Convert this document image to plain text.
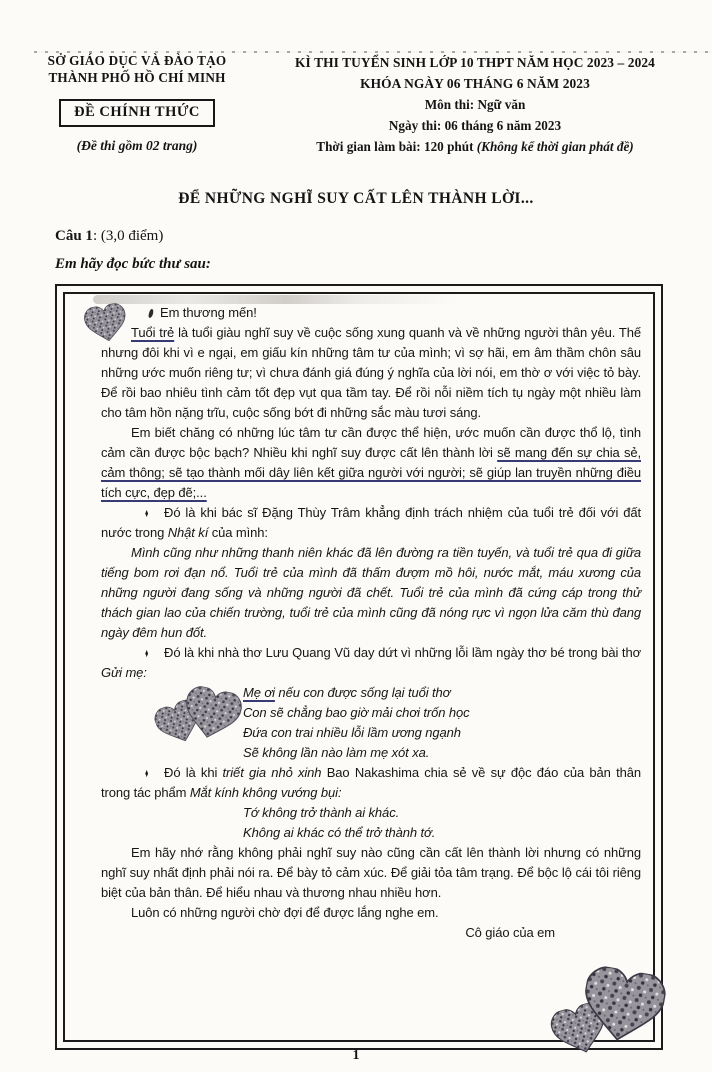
SỞ GIÁO DỤC VÀ ĐÀO TẠO
THÀNH PHỐ HỒ CHÍ MINH
ĐỀ CHÍNH THỨC
(Đề thi gồm 02 trang)
KÌ THI TUYỂN SINH LỚP 10 THPT NĂM HỌC 2023 – 2024
KHÓA NGÀY 06 THÁNG 6 NĂM 2023
Môn thi: Ngữ văn
Ngày thi: 06 tháng 6 năm 2023
Thời gian làm bài: 120 phút (Không kể thời gian phát đề)
ĐỂ NHỮNG NGHĨ SUY CẤT LÊN THÀNH LỜI...
Câu 1: (3,0 điểm)
Em hãy đọc bức thư sau:
Em thương mến!

Tuổi trẻ là tuổi giàu nghĩ suy về cuộc sống xung quanh và về những người thân yêu. Thế nhưng đôi khi vì e ngại, em giấu kín những tâm tư của mình; vì sợ hãi, em âm thầm chôn sâu những ước muốn riêng tư; vì chưa đánh giá đúng ý nghĩa của lời nói, em thờ ơ với việc tỏ bày. Để rồi bao nhiêu tình cảm tốt đẹp vụt qua tầm tay. Để rồi nỗi niềm tích tụ ngày một nhiều làm cho tâm hồn nặng trĩu, cuộc sống bớt đi những sắc màu tươi sáng.

Em biết chăng có những lúc tâm tư cần được thể hiện, ước muốn cần được thổ lộ, tình cảm cần được bộc bạch? Nhiều khi nghĩ suy được cất lên thành lời sẽ mang đến sự chia sẻ, cảm thông; sẽ tạo thành mối dây liên kết giữa người với người; sẽ giúp lan truyền những điều tích cực, đẹp đẽ;...

♦ Đó là khi bác sĩ Đặng Thùy Trâm khẳng định trách nhiệm của tuổi trẻ đối với đất nước trong Nhật kí của mình:

Mình cũng như những thanh niên khác đã lên đường ra tiền tuyến, và tuổi trẻ qua đi giữa tiếng bom rơi đạn nổ. Tuổi trẻ của mình đã thấm đượm mồ hôi, nước mắt, máu xương của những người đang sống và những người đã chết. Tuổi trẻ của mình đã cứng cáp trong thử thách gian lao của chiến trường, tuổi trẻ của mình cũng đã nóng rực vì ngọn lửa căm thù đang ngày đêm hun đốt.

♦ Đó là khi nhà thơ Lưu Quang Vũ day dứt vì những lỗi lầm ngày thơ bé trong bài thơ Gửi mẹ:

Mẹ ơi nếu con được sống lại tuổi thơ
Con sẽ chẳng bao giờ mải chơi trốn học
Đứa con trai nhiều lỗi lầm ương ngạnh
Sẽ không lần nào làm mẹ xót xa.

♦ Đó là khi triết gia nhỏ xinh Bao Nakashima chia sẻ về sự độc đáo của bản thân trong tác phẩm Mắt kính không vướng bụi:

Tớ không trở thành ai khác.
Không ai khác có thể trở thành tớ.

Em hãy nhớ rằng không phải nghĩ suy nào cũng cần cất lên thành lời nhưng có những nghĩ suy nhất định phải nói ra. Để bày tỏ cảm xúc. Để giải tỏa tâm trạng. Để bộc lộ cái tôi riêng biệt của bản thân. Để hiểu nhau và thương nhau nhiều hơn.

Luôn có những người chờ đợi để được lắng nghe em.

Cô giáo của em
1
